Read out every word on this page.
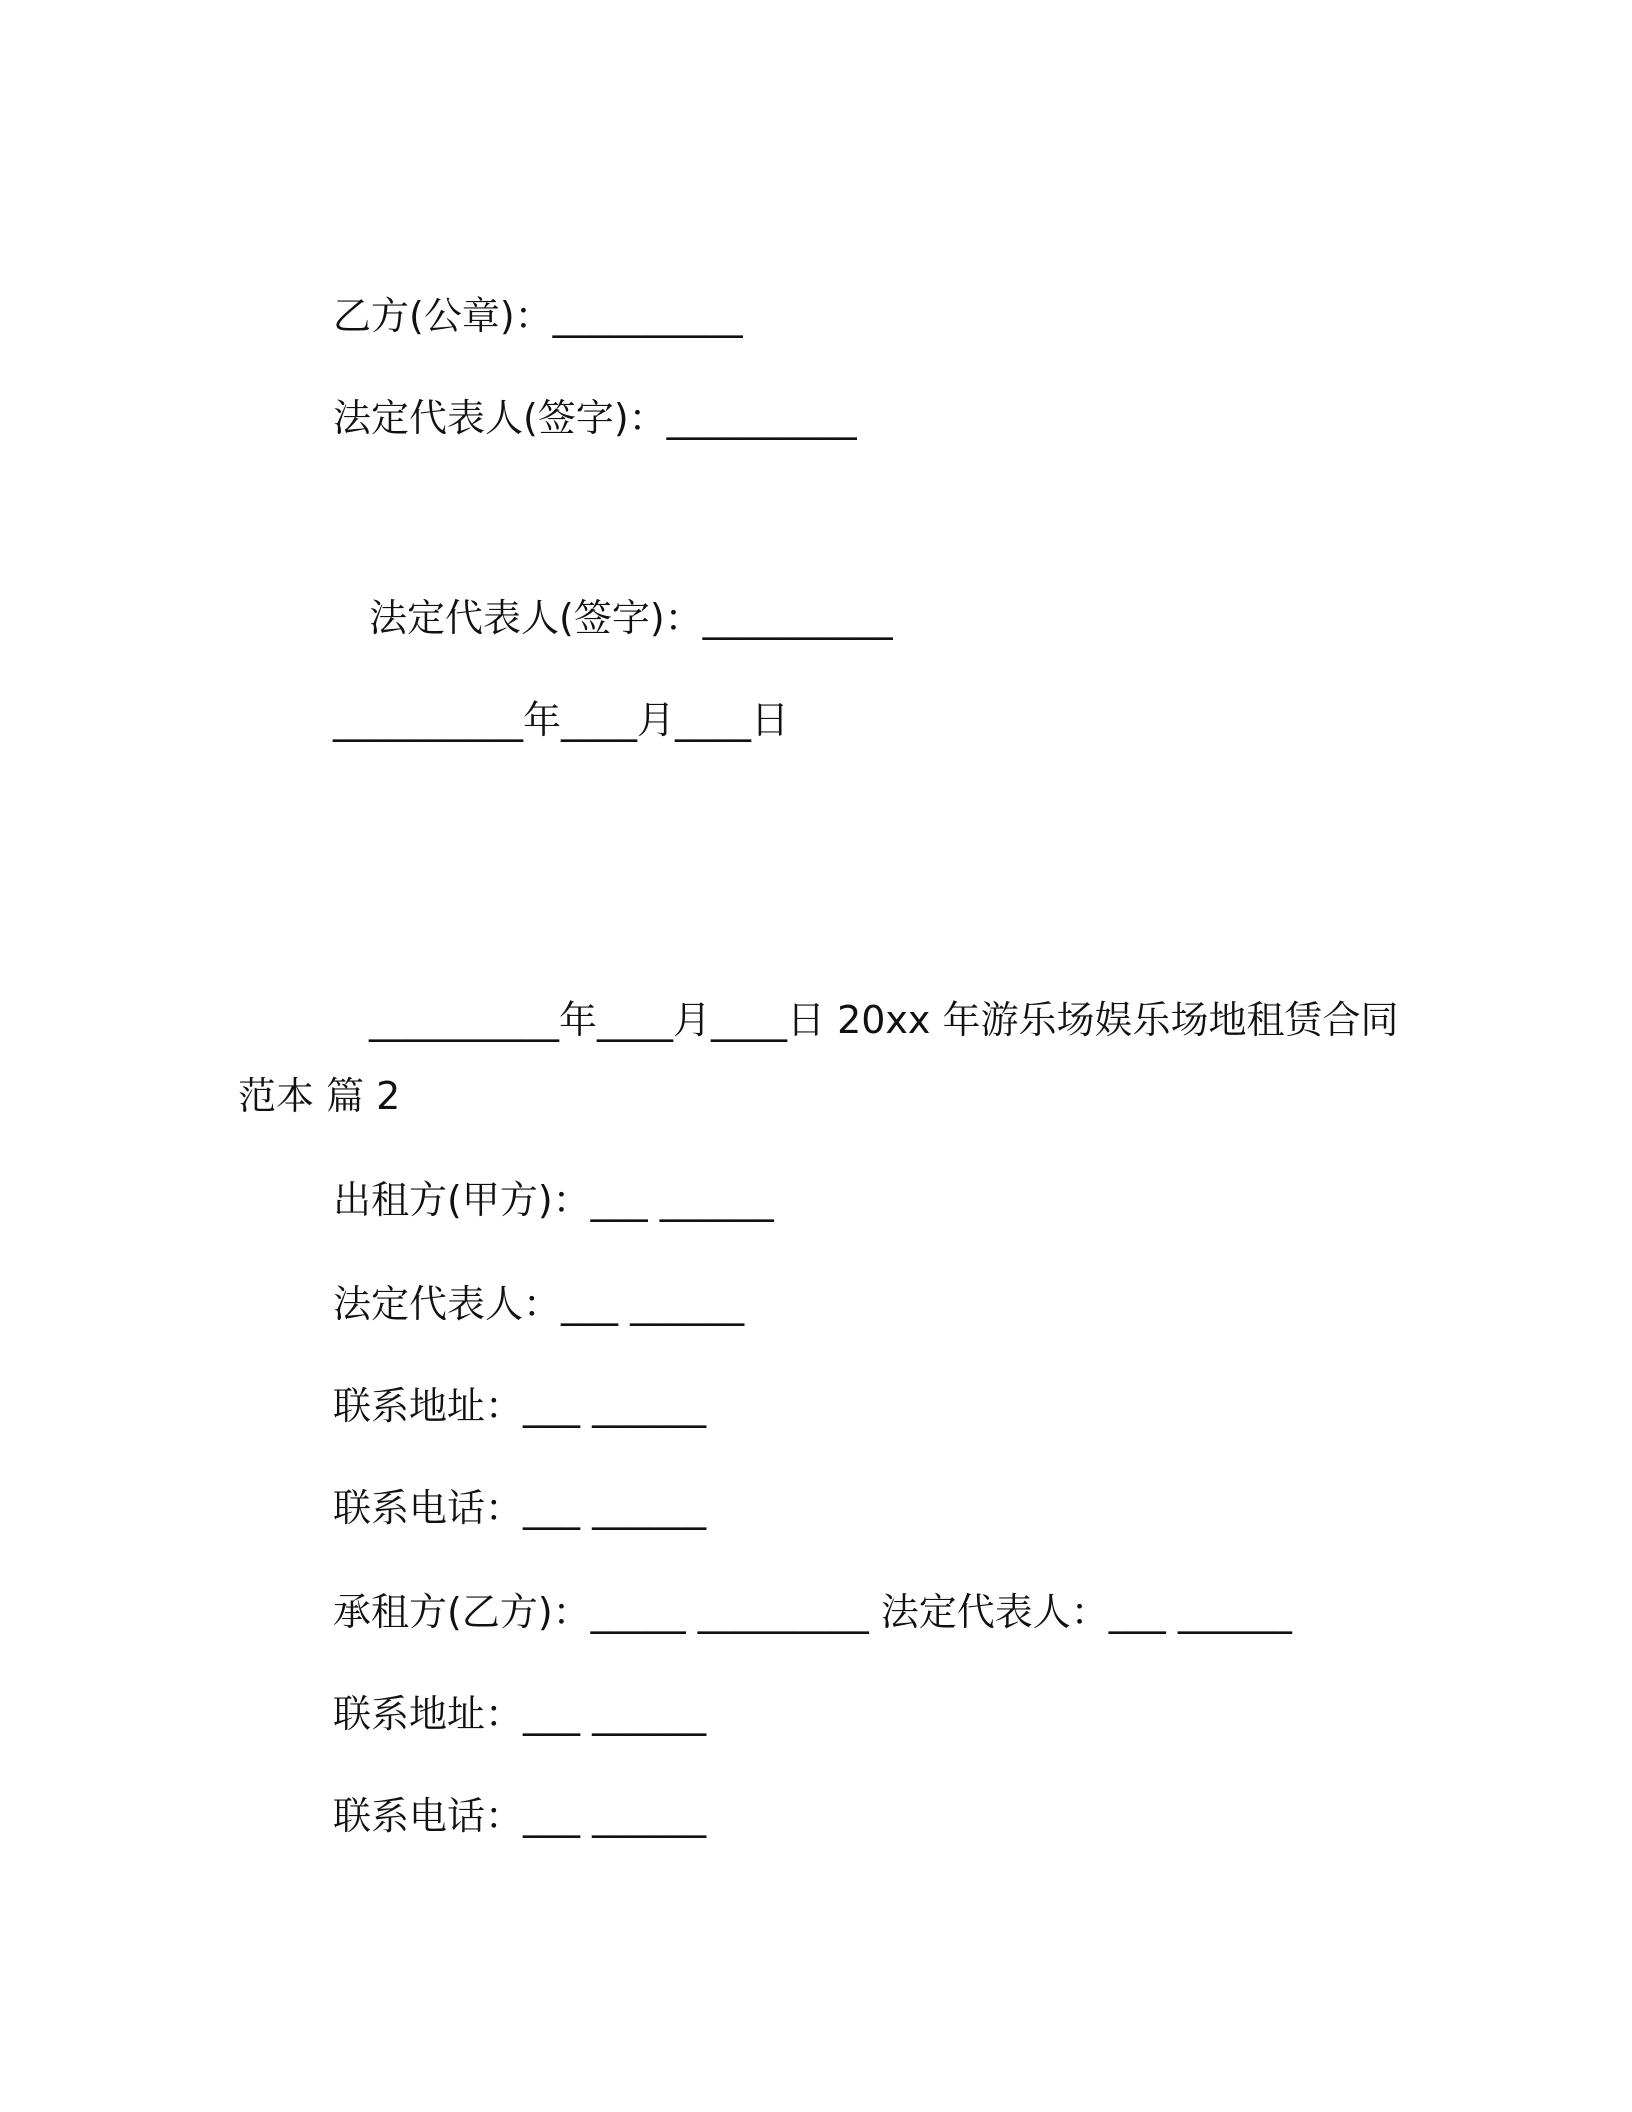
乙方(公章)：__________
法定代表人(签字)：__________
法定代表人(签字)：__________
__________年____月____日
__________年____月____日 20xx 年游乐场娱乐场地租赁合同
范本 篇 2
出租方(甲方)：___ ______
法定代表人：___ ______
联系地址：___ ______
联系电话：___ ______
承租方(乙方)：_____ _________ 法定代表人：___ ______
联系地址：___ ______
联系电话：___ ______
